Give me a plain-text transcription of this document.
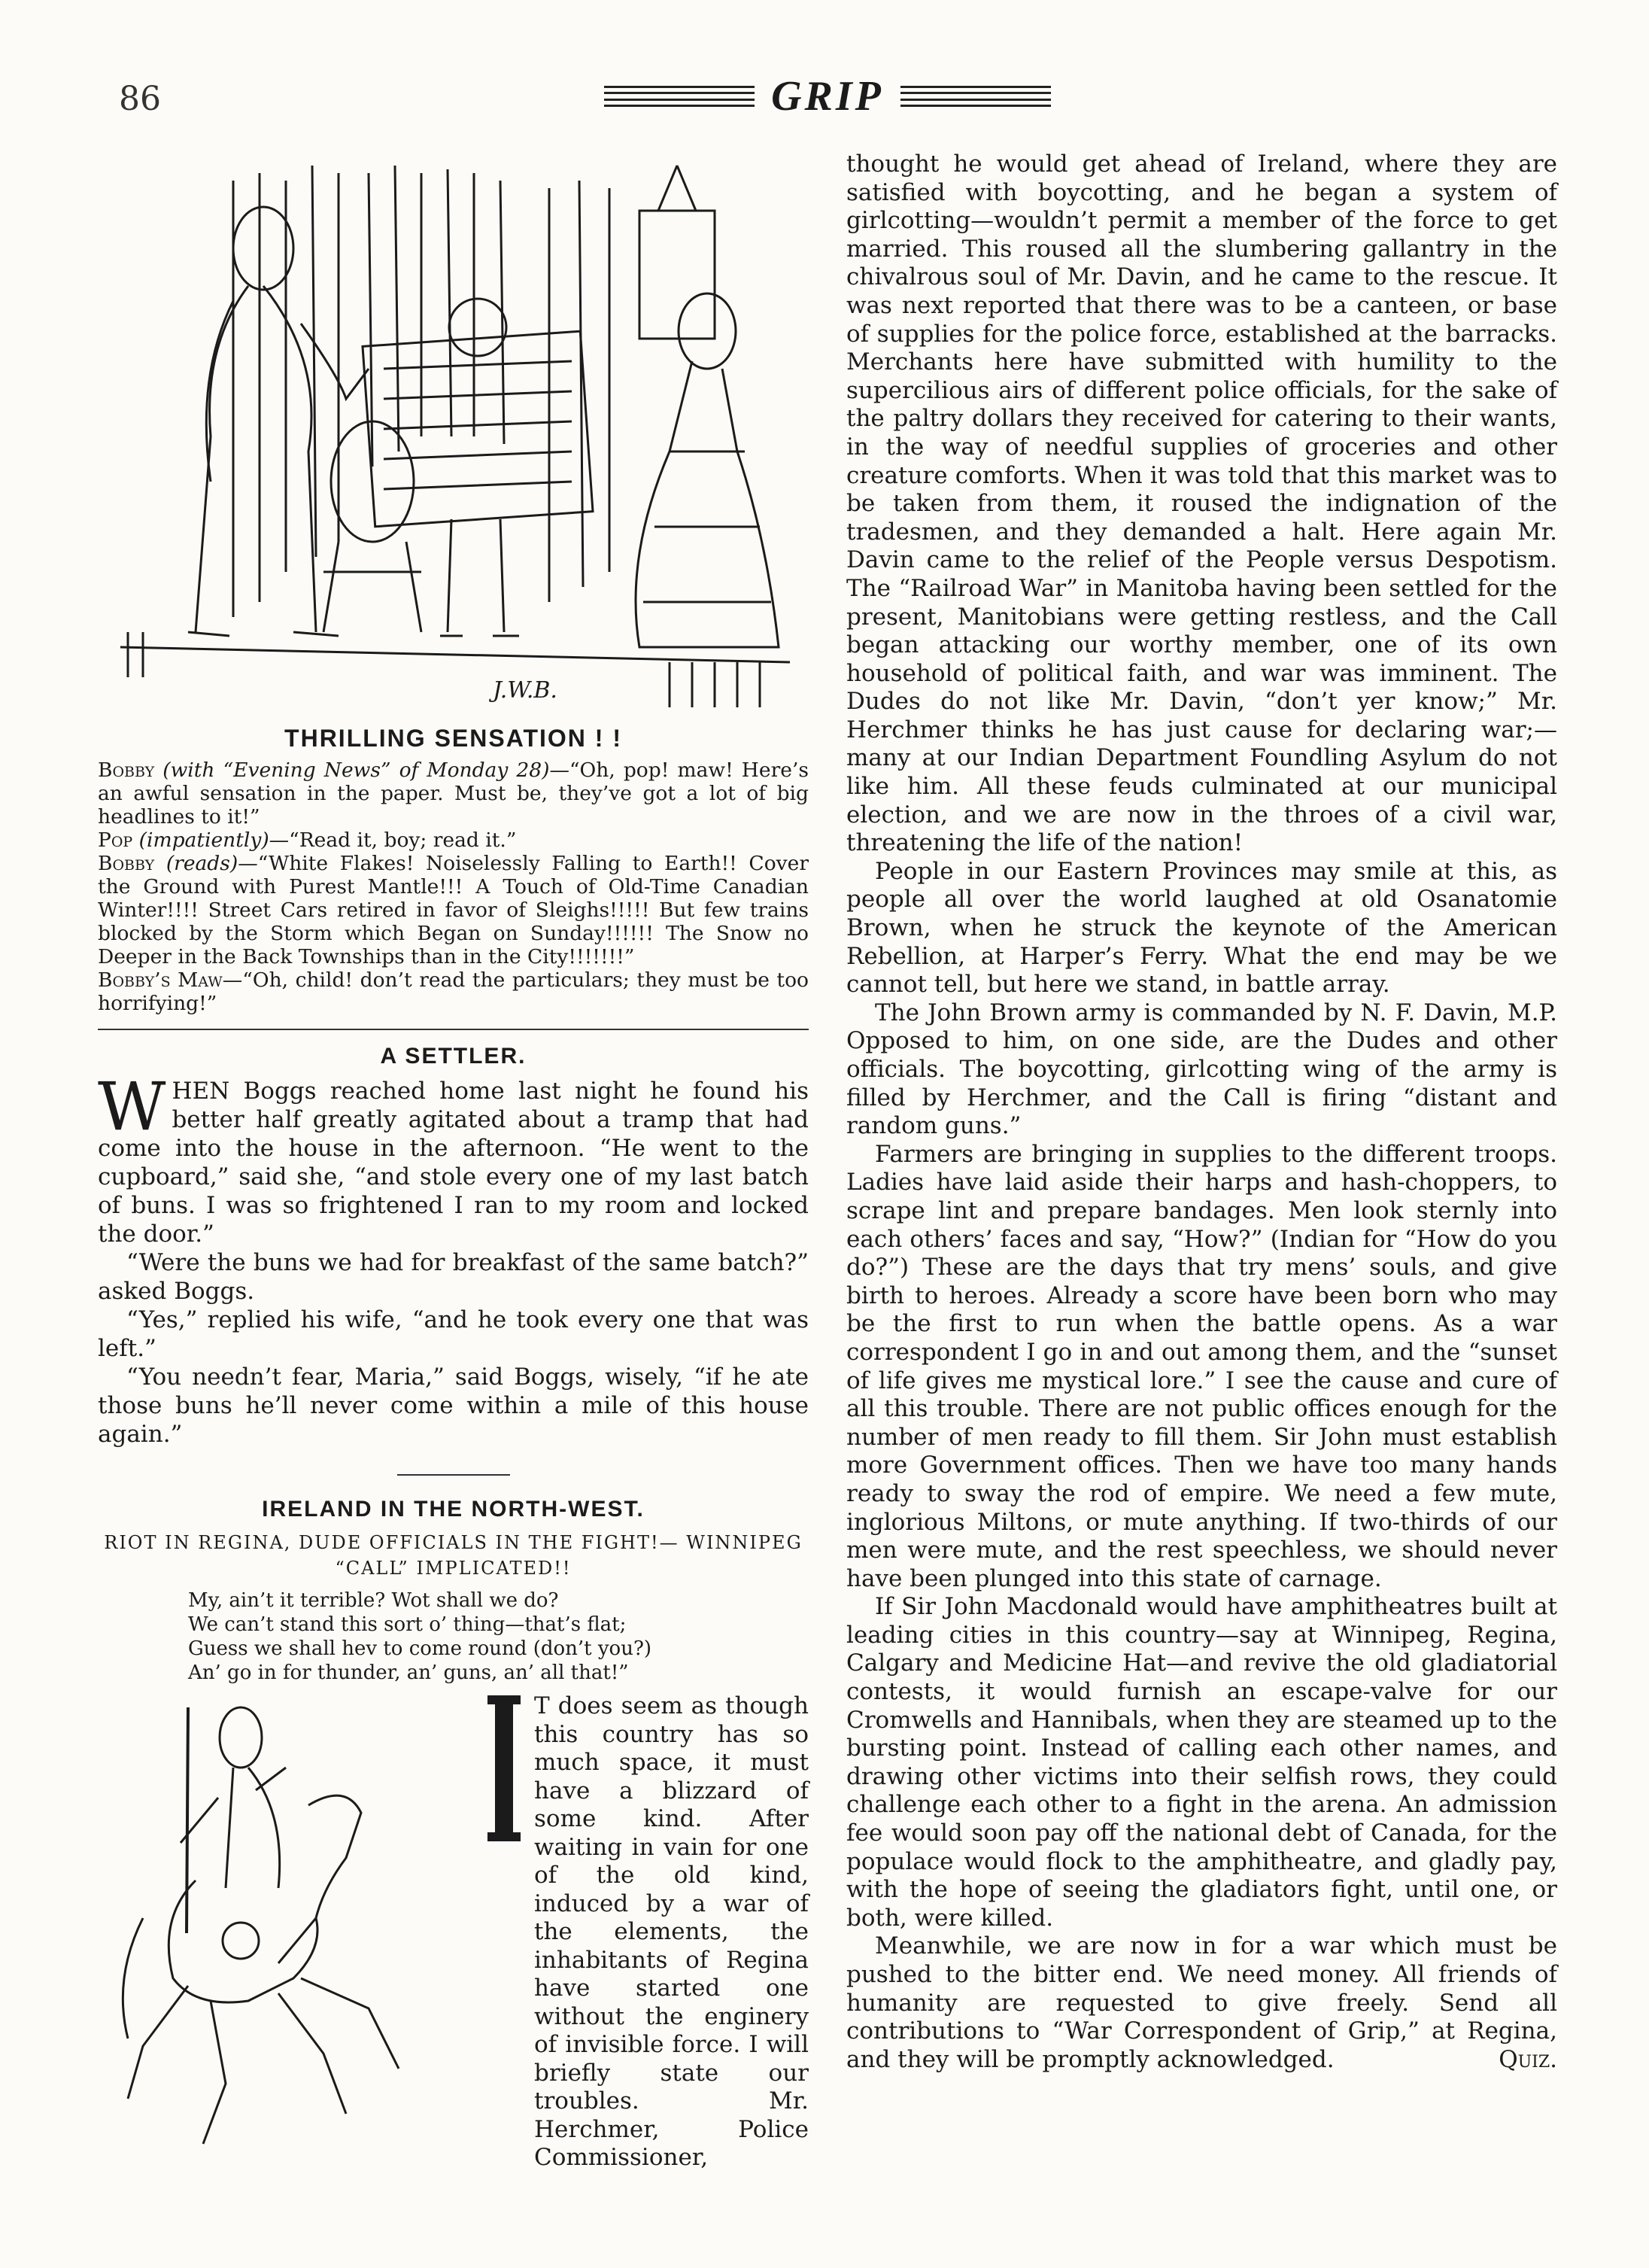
86	GRIP
J.W.B.
THRILLING SENSATION ! !

Bobby (with “Evening News” of Monday 28)—“Oh, pop! maw! Here’s an awful sensation in the paper. Must be, they’ve got a lot of big headlines to it!”

Pop (impatiently)—“Read it, boy; read it.”

Bobby (reads)—“White Flakes! Noiselessly Falling to Earth!! Cover the Ground with Purest Mantle!!! A Touch of Old-Time Canadian Winter!!!! Street Cars retired in favor of Sleighs!!!!! But few trains blocked by the Storm which Began on Sunday!!!!!! The Snow no Deeper in the Back Townships than in the City!!!!!!!”

Bobby’s Maw—“Oh, child! don’t read the particulars; they must be too horrifying!”

A SETTLER.

WHEN Boggs reached home last night he found his better half greatly agitated about a tramp that had come into the house in the afternoon. “He went to the cupboard,” said she, “and stole every one of my last batch of buns. I was so frightened I ran to my room and locked the door.”

“Were the buns we had for breakfast of the same batch?” asked Boggs.

“Yes,” replied his wife, “and he took every one that was left.”

“You needn’t fear, Maria,” said Boggs, wisely, “if he ate those buns he’ll never come within a mile of this house again.”

IRELAND IN THE NORTH-WEST.
RIOT IN REGINA, DUDE OFFICIALS IN THE FIGHT!— WINNIPEG “CALL” IMPLICATED!!
My, ain’t it terrible? Wot shall we do?
We can’t stand this sort o’ thing—that’s flat;
Guess we shall hev to come round (don’t you?)
An’ go in for thunder, an’ guns, an’ all that!”

T does seem as though this country has so much space, it must have a blizzard of some kind. After waiting in vain for one of the old kind, induced by a war of the elements, the inhabitants of Regina have started one without the enginery of invisible force. I will briefly state our troubles. Mr. Herchmer, Police Commissioner,

thought he would get ahead of Ireland, where they are satisfied with boycotting, and he began a system of girlcotting—wouldn’t permit a member of the force to get married. This roused all the slumbering gallantry in the chivalrous soul of Mr. Davin, and he came to the rescue. It was next reported that there was to be a canteen, or base of supplies for the police force, established at the barracks. Merchants here have submitted with humility to the supercilious airs of different police officials, for the sake of the paltry dollars they received for catering to their wants, in the way of needful supplies of groceries and other creature comforts. When it was told that this market was to be taken from them, it roused the indignation of the tradesmen, and they demanded a halt. Here again Mr. Davin came to the relief of the People versus Despotism. The “Railroad War” in Manitoba having been settled for the present, Manitobians were getting restless, and the Call began attacking our worthy member, one of its own household of political faith, and war was imminent. The Dudes do not like Mr. Davin, “don’t yer know;” Mr. Herchmer thinks he has just cause for declaring war;—many at our Indian Department Foundling Asylum do not like him. All these feuds culminated at our municipal election, and we are now in the throes of a civil war, threatening the life of the nation!

People in our Eastern Provinces may smile at this, as people all over the world laughed at old Osanatomie Brown, when he struck the keynote of the American Rebellion, at Harper’s Ferry. What the end may be we cannot tell, but here we stand, in battle array.

The John Brown army is commanded by N. F. Davin, M.P. Opposed to him, on one side, are the Dudes and other officials. The boycotting, girlcotting wing of the army is filled by Herchmer, and the Call is firing “distant and random guns.”

Farmers are bringing in supplies to the different troops. Ladies have laid aside their harps and hash-choppers, to scrape lint and prepare bandages. Men look sternly into each others’ faces and say, “How?” (Indian for “How do you do?”) These are the days that try mens’ souls, and give birth to heroes. Already a score have been born who may be the first to run when the battle opens. As a war correspondent I go in and out among them, and the “sunset of life gives me mystical lore.” I see the cause and cure of all this trouble. There are not public offices enough for the number of men ready to fill them. Sir John must establish more Government offices. Then we have too many hands ready to sway the rod of empire. We need a few mute, inglorious Miltons, or mute anything. If two-thirds of our men were mute, and the rest speechless, we should never have been plunged into this state of carnage.

If Sir John Macdonald would have amphitheatres built at leading cities in this country—say at Winnipeg, Regina, Calgary and Medicine Hat—and revive the old gladiatorial contests, it would furnish an escape-valve for our Cromwells and Hannibals, when they are steamed up to the bursting point. Instead of calling each other names, and drawing other victims into their selfish rows, they could challenge each other to a fight in the arena. An admission fee would soon pay off the national debt of Canada, for the populace would flock to the amphitheatre, and gladly pay, with the hope of seeing the gladiators fight, until one, or both, were killed.

Meanwhile, we are now in for a war which must be pushed to the bitter end. We need money. All friends of humanity are requested to give freely. Send all contributions to “War Correspondent of Grip,” at Regina, and they will be promptly acknowledged.	Quiz.
